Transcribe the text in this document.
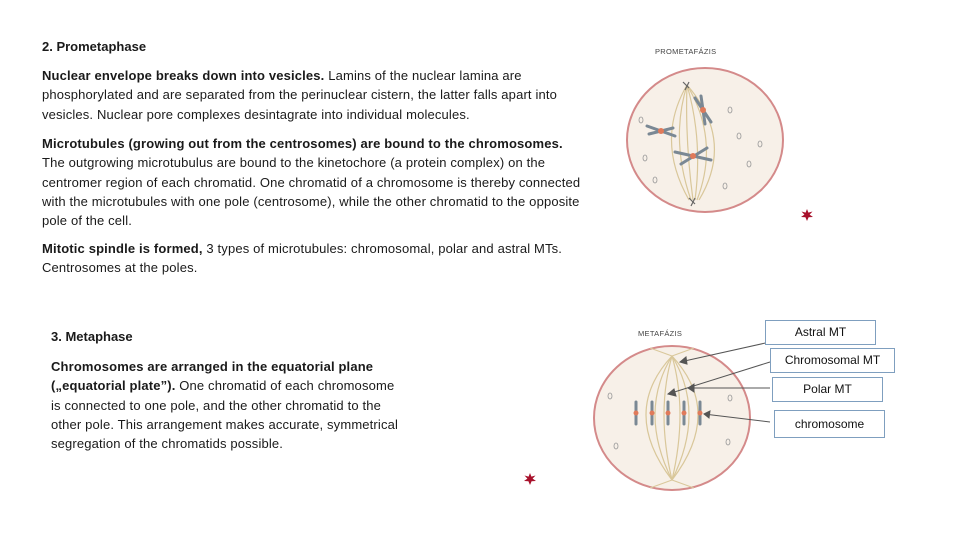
2. Prometaphase
Nuclear envelope breaks down into vesicles. Lamins of the nuclear lamina are phosphorylated and are separated from the perinuclear cistern, the latter falls apart into vesicles. Nuclear pore complexes desintagrate into individual molecules.
Microtubules (growing out from the centrosomes) are bound to the chromosomes. The outgrowing microtubulus are bound to the kinetochore (a protein complex) on the centromer region of each chromatid. One chromatid of a chromosome is thereby connected with the microtubules with one pole (centrosome), while the other chromatid to the opposite pole of the cell.
Mitotic spindle is formed, 3 types of microtubules: chromosomal, polar and astral MTs. Centrosomes at the poles.
PROMETAFÁZIS
3. Metaphase
Chromosomes are arranged in the equatorial plane („equatorial plate”). One chromatid of each chromosome is connected to one pole, and the other chromatid to the other pole. This arrangement makes accurate, symmetrical segregation of the chromatids possible.
METAFÁZIS	Astral MT
Chromosomal MT
Polar MT
chromosome
